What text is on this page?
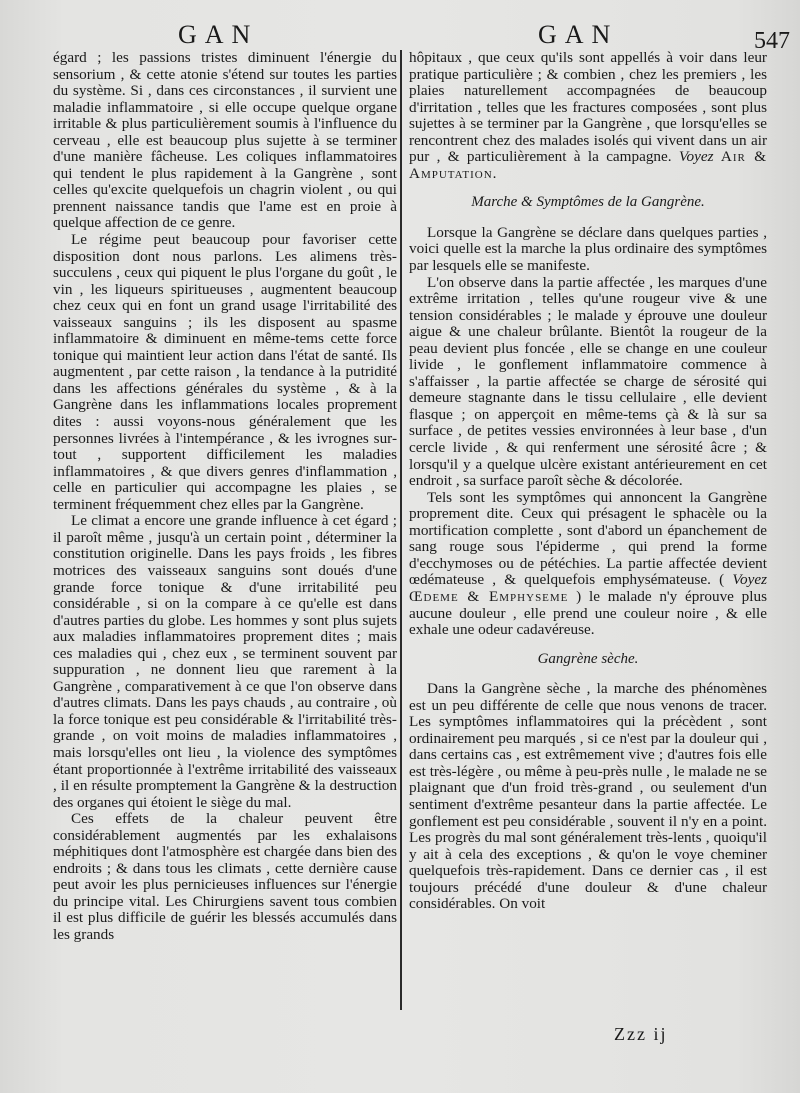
GAN	GAN	547

égard ; les passions tristes diminuent l'énergie du sensorium , & cette atonie s'étend sur toutes les parties du système. Si , dans ces circonstances , il survient une maladie inflammatoire , si elle occupe quelque organe irritable & plus particulièrement soumis à l'influence du cerveau , elle est beaucoup plus sujette à se terminer d'une manière fâcheuse. Les coliques inflammatoires qui tendent le plus rapidement à la Gangrène , sont celles qu'excite quelquefois un chagrin violent , ou qui prennent naissance tandis que l'ame est en proie à quelque affection de ce genre.

Le régime peut beaucoup pour favoriser cette disposition dont nous parlons. Les alimens très-succulens , ceux qui piquent le plus l'organe du goût , le vin , les liqueurs spiritueuses , augmentent beaucoup chez ceux qui en font un grand usage l'irritabilité des vaisseaux sanguins ; ils les disposent au spasme inflammatoire & diminuent en même-tems cette force tonique qui maintient leur action dans l'état de santé. Ils augmentent , par cette raison , la tendance à la putridité dans les affections générales du système , & à la Gangrène dans les inflammations locales proprement dites : aussi voyons-nous généralement que les personnes livrées à l'intempérance , & les ivrognes sur-tout , supportent difficilement les maladies inflammatoires , & que divers genres d'inflammation , celle en particulier qui accompagne les plaies , se terminent fréquemment chez elles par la Gangrène.

Le climat a encore une grande influence à cet égard ; il paroît même , jusqu'à un certain point , déterminer la constitution originelle. Dans les pays froids , les fibres motrices des vaisseaux sanguins sont doués d'une grande force tonique & d'une irritabilité peu considérable , si on la compare à ce qu'elle est dans d'autres parties du globe. Les hommes y sont plus sujets aux maladies inflammatoires proprement dites ; mais ces maladies qui , chez eux , se terminent souvent par suppuration , ne donnent lieu que rarement à la Gangrène , comparativement à ce que l'on observe dans d'autres climats. Dans les pays chauds , au contraire , où la force tonique est peu considérable & l'irritabilité très-grande , on voit moins de maladies inflammatoires , mais lorsqu'elles ont lieu , la violence des symptômes étant proportionnée à l'extrême irritabilité des vaisseaux , il en résulte promptement la Gangrène & la destruction des organes qui étoient le siège du mal.

Ces effets de la chaleur peuvent être considérablement augmentés par les exhalaisons méphitiques dont l'atmosphère est chargée dans bien des endroits ; & dans tous les climats , cette dernière cause peut avoir les plus pernicieuses influences sur l'énergie du principe vital. Les Chirurgiens savent tous combien il est plus difficile de guérir les blessés accumulés dans les grands

hôpitaux , que ceux qu'ils sont appellés à voir dans leur pratique particulière ; & combien , chez les premiers , les plaies naturellement accompagnées de beaucoup d'irritation , telles que les fractures composées , sont plus sujettes à se terminer par la Gangrène , que lorsqu'elles se rencontrent chez des malades isolés qui vivent dans un air pur , & particulièrement à la campagne. Voyez Air & Amputation.

Marche & Symptômes de la Gangrène.

Lorsque la Gangrène se déclare dans quelques parties , voici quelle est la marche la plus ordinaire des symptômes par lesquels elle se manifeste.

L'on observe dans la partie affectée , les marques d'une extrême irritation , telles qu'une rougeur vive & une tension considérables ; le malade y éprouve une douleur aigue & une chaleur brûlante. Bientôt la rougeur de la peau devient plus foncée , elle se change en une couleur livide , le gonflement inflammatoire commence à s'affaisser , la partie affectée se charge de sérosité qui demeure stagnante dans le tissu cellulaire , elle devient flasque ; on apperçoit en même-tems çà & là sur sa surface , de petites vessies environnées à leur base , d'un cercle livide , & qui renferment une sérosité âcre ; & lorsqu'il y a quelque ulcère existant antérieurement en cet endroit , sa surface paroît sèche & décolorée.

Tels sont les symptômes qui annoncent la Gangrène proprement dite. Ceux qui présagent le sphacèle ou la mortification complette , sont d'abord un épanchement de sang rouge sous l'épiderme , qui prend la forme d'ecchymoses ou de pétéchies. La partie affectée devient œdémateuse , & quelquefois emphysémateuse. ( Voyez Œdeme & Emphyseme ) le malade n'y éprouve plus aucune douleur , elle prend une couleur noire , & elle exhale une odeur cadavéreuse.

Gangrène sèche.

Dans la Gangrène sèche , la marche des phénomènes est un peu différente de celle que nous venons de tracer. Les symptômes inflammatoires qui la précèdent , sont ordinairement peu marqués , si ce n'est par la douleur qui , dans certains cas , est extrêmement vive ; d'autres fois elle est très-légère , ou même à peu-près nulle , le malade ne se plaignant que d'un froid très-grand , ou seulement d'un sentiment d'extrême pesanteur dans la partie affectée. Le gonflement est peu considérable , souvent il n'y en a point. Les progrès du mal sont généralement très-lents , quoiqu'il y ait à cela des exceptions , & qu'on le voye cheminer quelquefois très-rapidement. Dans ce dernier cas , il est toujours précédé d'une douleur & d'une chaleur considérables. On voit

Zzz ij
